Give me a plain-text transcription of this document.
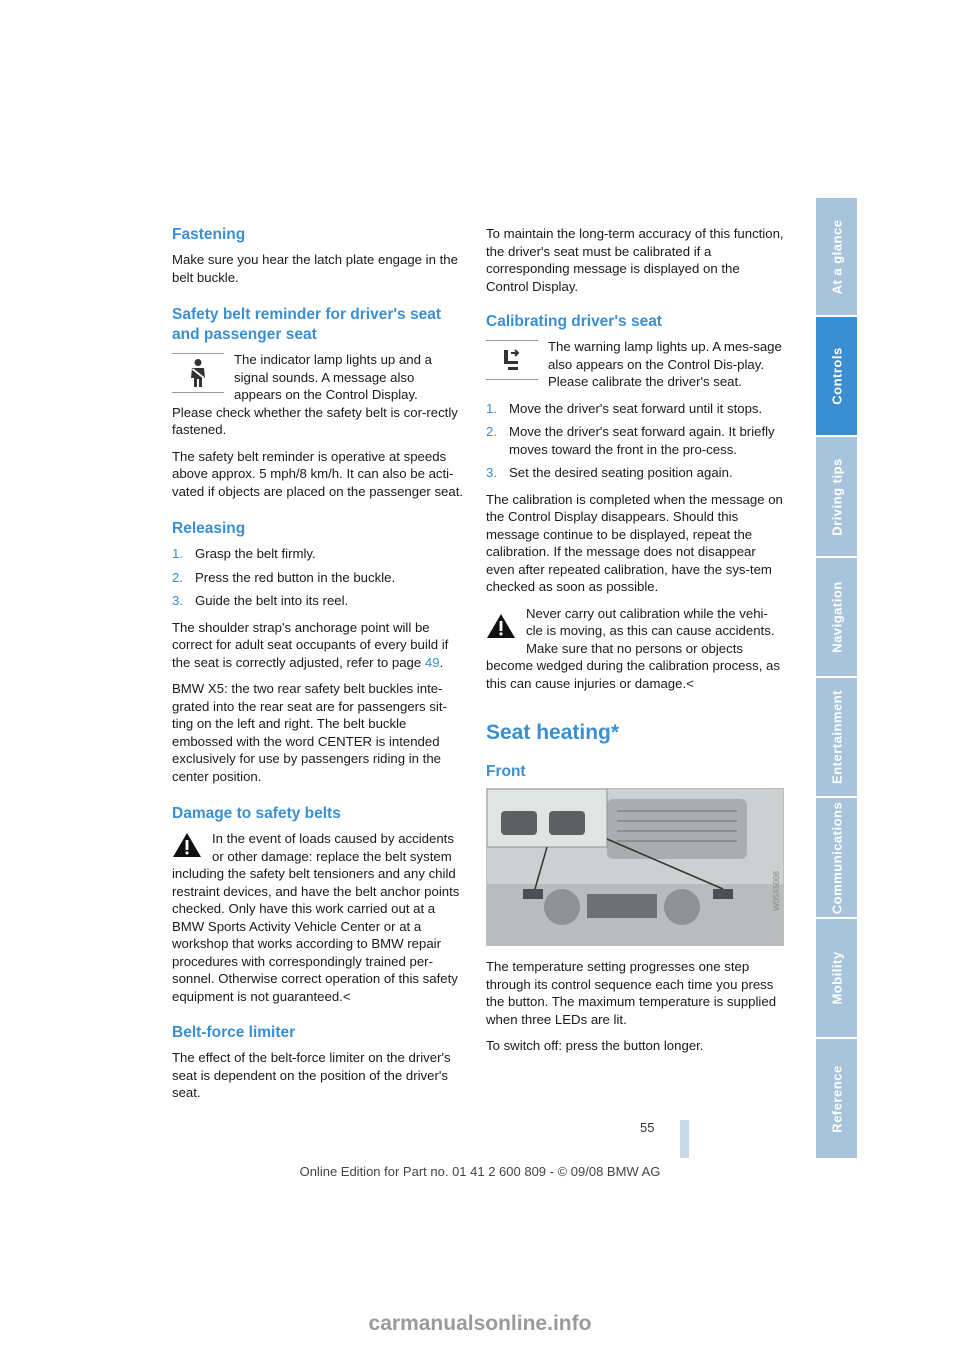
Fastening

Make sure you hear the latch plate engage in the belt buckle.

Safety belt reminder for driver's seat and passenger seat

The indicator lamp lights up and a signal sounds. A message also appears on the Control Display.

Please check whether the safety belt is cor-rectly fastened.

The safety belt reminder is operative at speeds above approx. 5 mph/8 km/h. It can also be acti-vated if objects are placed on the passenger seat.

Releasing
1. Grasp the belt firmly.
2. Press the red button in the buckle.
3. Guide the belt into its reel.

The shoulder strap's anchorage point will be correct for adult seat occupants of every build if the seat is correctly adjusted, refer to page 49.

BMW X5: the two rear safety belt buckles inte-grated into the rear seat are for passengers sit-ting on the left and right. The belt buckle embossed with the word CENTER is intended exclusively for use by passengers riding in the center position.

Damage to safety belts

In the event of loads caused by accidents or other damage: replace the belt system including the safety belt tensioners and any child restraint devices, and have the belt anchor points checked. Only have this work carried out at a BMW Sports Activity Vehicle Center or at a workshop that works according to BMW repair procedures with correspondingly trained per-sonnel. Otherwise correct operation of this safety equipment is not guaranteed.<

Belt-force limiter

The effect of the belt-force limiter on the driver's seat is dependent on the position of the driver's seat.

To maintain the long-term accuracy of this function, the driver's seat must be calibrated if a corresponding message is displayed on the Control Display.

Calibrating driver's seat

The warning lamp lights up. A mes-sage also appears on the Control Dis-play. Please calibrate the driver's seat.

1. Move the driver's seat forward until it stops.
2. Move the driver's seat forward again. It briefly moves toward the front in the pro-cess.
3. Set the desired seating position again.

The calibration is completed when the message on the Control Display disappears. Should this message continue to be displayed, repeat the calibration. If the message does not disappear even after repeated calibration, have the sys-tem checked as soon as possible.

Never carry out calibration while the vehi-cle is moving, as this can cause accidents. Make sure that no persons or objects become wedged during the calibration process, as this can cause injuries or damage.<

Seat heating*
Front
W05X5008

The temperature setting progresses one step through its control sequence each time you press the button. The maximum temperature is supplied when three LEDs are lit.

To switch off: press the button longer.

At a glance
Controls
Driving tips
Navigation
Entertainment
Communications
Mobility
Reference
55
Online Edition for Part no. 01 41 2 600 809 - © 09/08 BMW AG
carmanualsonline.info
